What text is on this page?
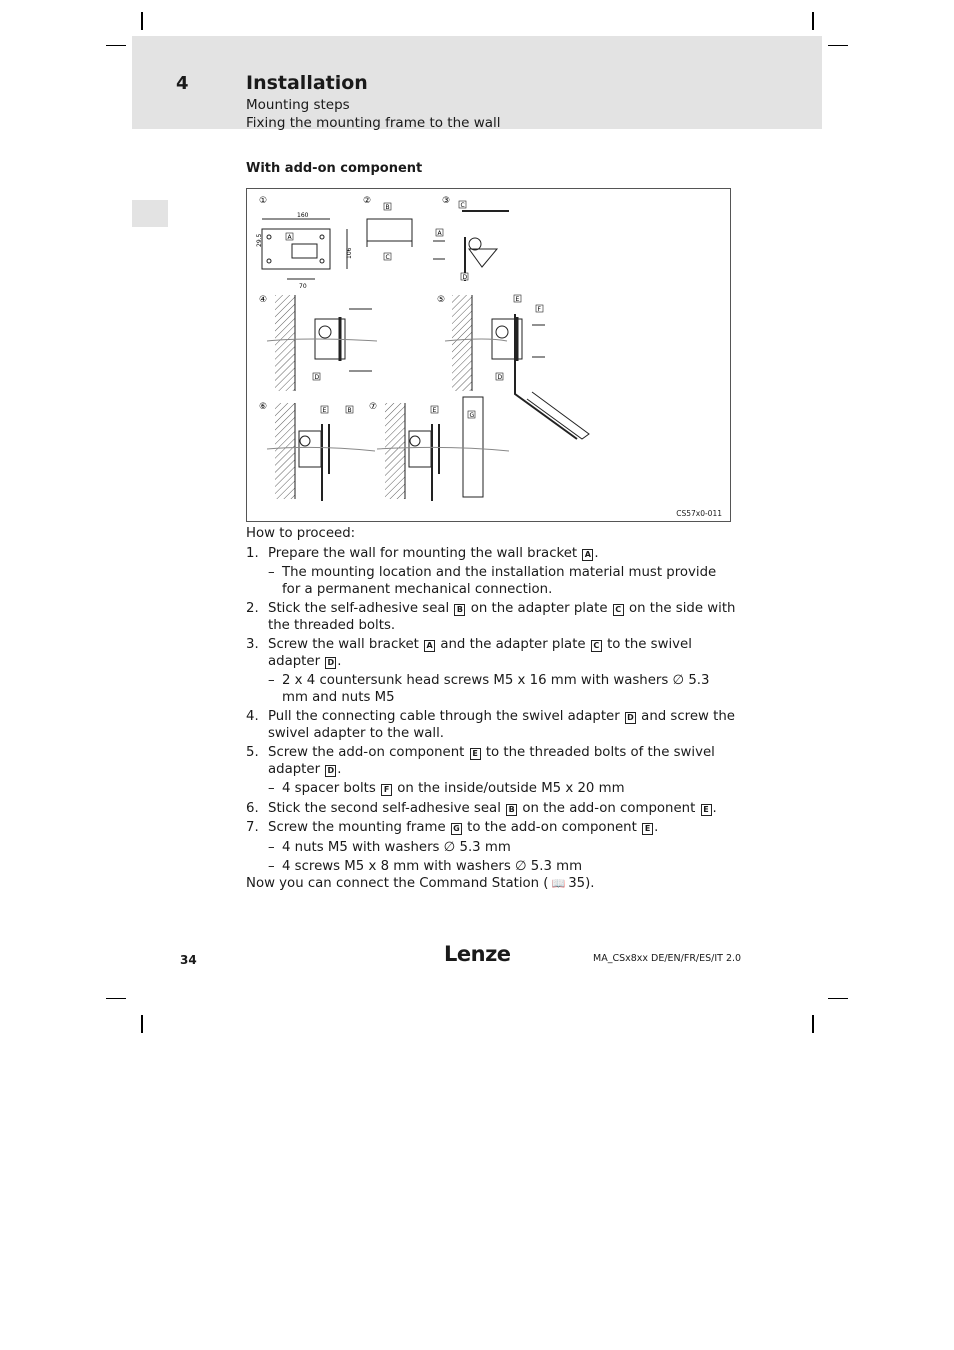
4	Installation
Mounting steps
Fixing the mounting frame to the wall
With add-on component
①	②	③
④	⑤
⑥	⑦
160
70
29.5
106
A
B
C
C
A
D
D	D
E
F
E	B	E
G
CS57x0-011

How to proceed:

1. Prepare the wall for mounting the wall bracket A .
– The mounting location and the installation material must provide for a permanent mechanical connection.
2. Stick the self-adhesive seal B on the adapter plate C on the side with the threaded bolts.
3. Screw the wall bracket A and the adapter plate C to the swivel adapter D .
– 2 x 4 countersunk head screws M5 x 16 mm with washers ∅ 5.3 mm and nuts M5
4. Pull the connecting cable through the swivel adapter D and screw the swivel adapter to the wall.
5. Screw the add-on component E to the threaded bolts of the swivel adapter D .
– 4 spacer bolts F on the inside/outside M5 x 20 mm
6. Stick the second self-adhesive seal B on the add-on component E .
7. Screw the mounting frame G to the add-on component E .
– 4 nuts M5 with washers ∅ 5.3 mm
– 4 screws M5 x 8 mm with washers ∅ 5.3 mm

Now you can connect the Command Station ( 📖 35).

34	Lenze	MA_CSx8xx DE/EN/FR/ES/IT 2.0
